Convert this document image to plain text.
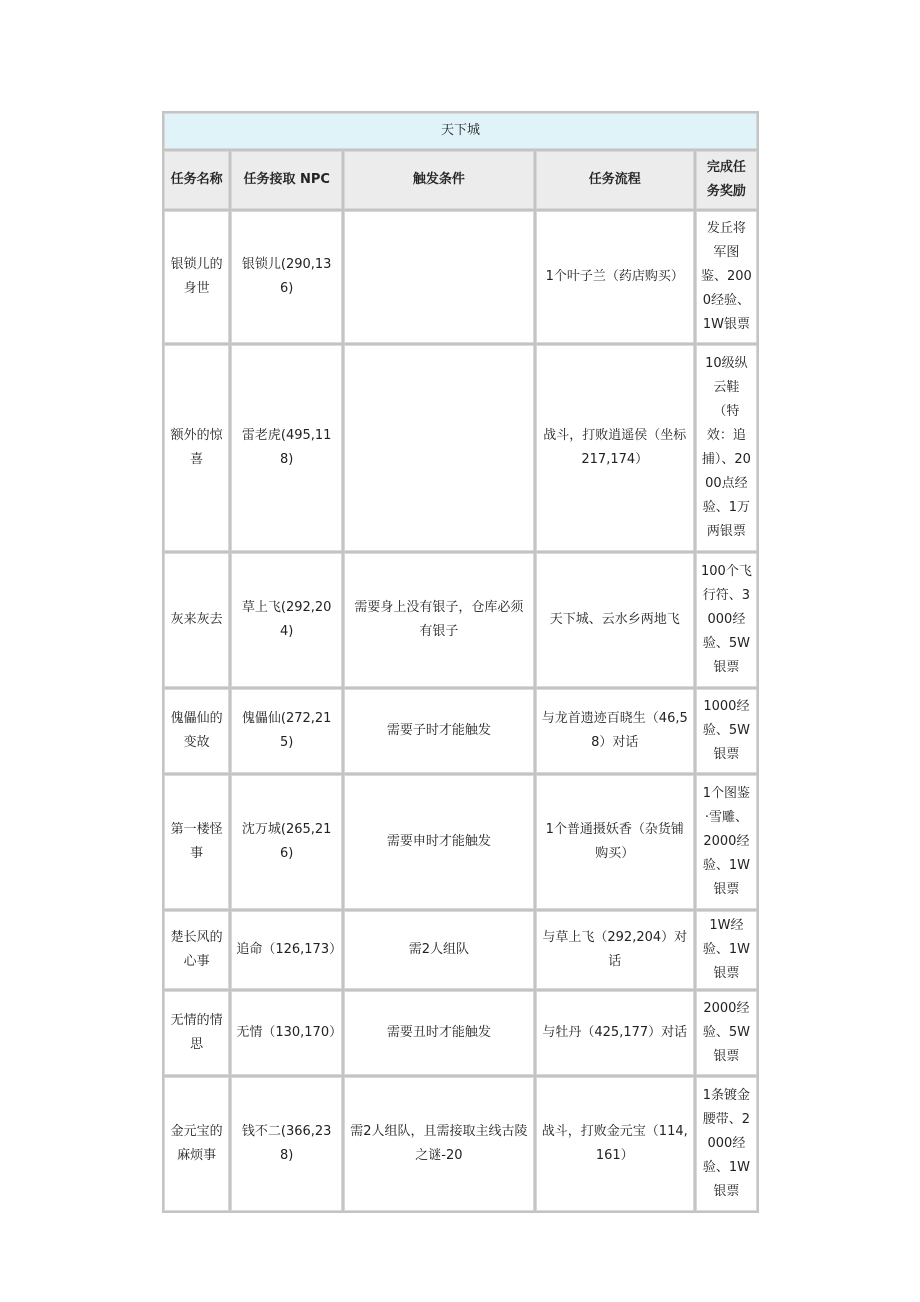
天下城				
任务名称	任务接取 NPC	触发条件	任务流程	完成任务奖励
银锁儿的身世	银锁儿(290,136)		1个叶子兰（药店购买）	发丘将军图鉴、2000经验、1W银票
额外的惊喜	雷老虎(495,118)		战斗，打败逍遥侯（坐标217,174）	10级纵云鞋（特效：追捕）、2000点经验、1万两银票
灰来灰去	草上飞(292,204)	需要身上没有银子，仓库必须有银子	天下城、云水乡两地飞	100个飞行符、3000经验、5W银票
傀儡仙的变故	傀儡仙(272,215)	需要子时才能触发	与龙首遗迹百晓生（46,58）对话	1000经验、5W银票
第一楼怪事	沈万城(265,216)	需要申时才能触发	1个普通摄妖香（杂货铺购买）	1个图鉴·雪雕、2000经验、1W银票
楚长风的心事	追命（126,173）	需2人组队	与草上飞（292,204）对话	1W经验、1W银票
无情的情思	无情（130,170）	需要丑时才能触发	与牡丹（425,177）对话	2000经验、5W银票
金元宝的麻烦事	钱不二(366,238)	需2人组队，且需接取主线古陵之谜-20	战斗，打败金元宝（114,161）	1条镀金腰带、2000经验、1W银票
